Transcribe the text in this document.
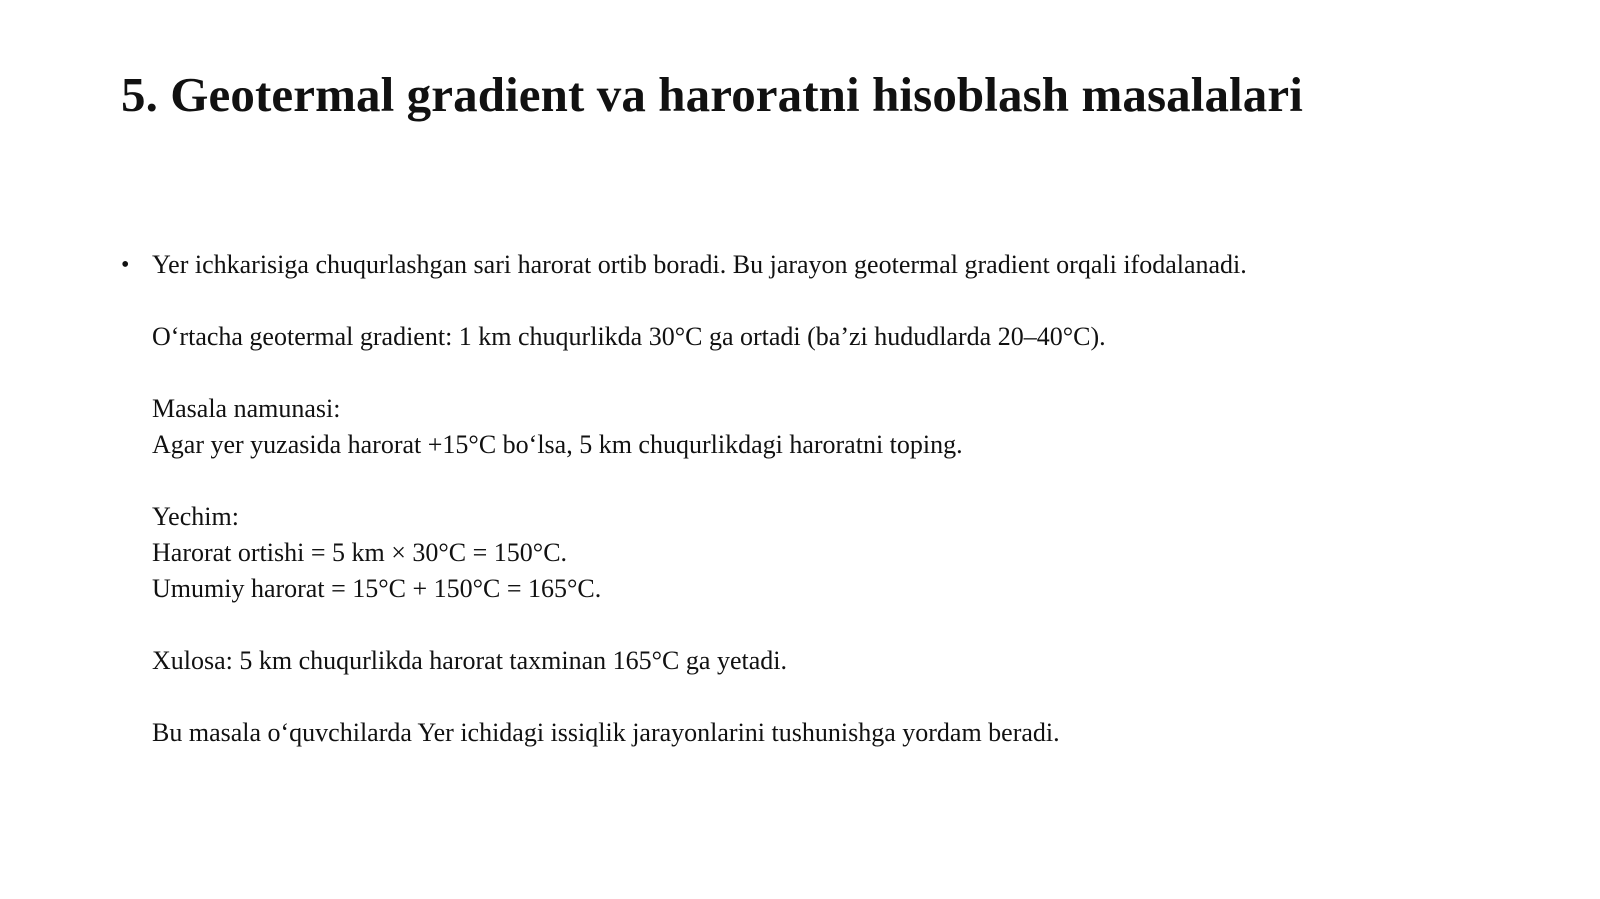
5. Geotermal gradient va haroratni hisoblash masalalari
• Yer ichkarisiga chuqurlashgan sari harorat ortib boradi. Bu jarayon geotermal gradient orqali ifodalanadi.
O‘rtacha geotermal gradient: 1 km chuqurlikda 30°C ga ortadi (ba’zi hududlarda 20–40°C).
Masala namunasi:
Agar yer yuzasida harorat +15°C bo‘lsa, 5 km chuqurlikdagi haroratni toping.
Yechim:
Harorat ortishi = 5 km × 30°C = 150°C.
Umumiy harorat = 15°C + 150°C = 165°C.
Xulosa: 5 km chuqurlikda harorat taxminan 165°C ga yetadi.
Bu masala o‘quvchilarda Yer ichidagi issiqlik jarayonlarini tushunishga yordam beradi.
